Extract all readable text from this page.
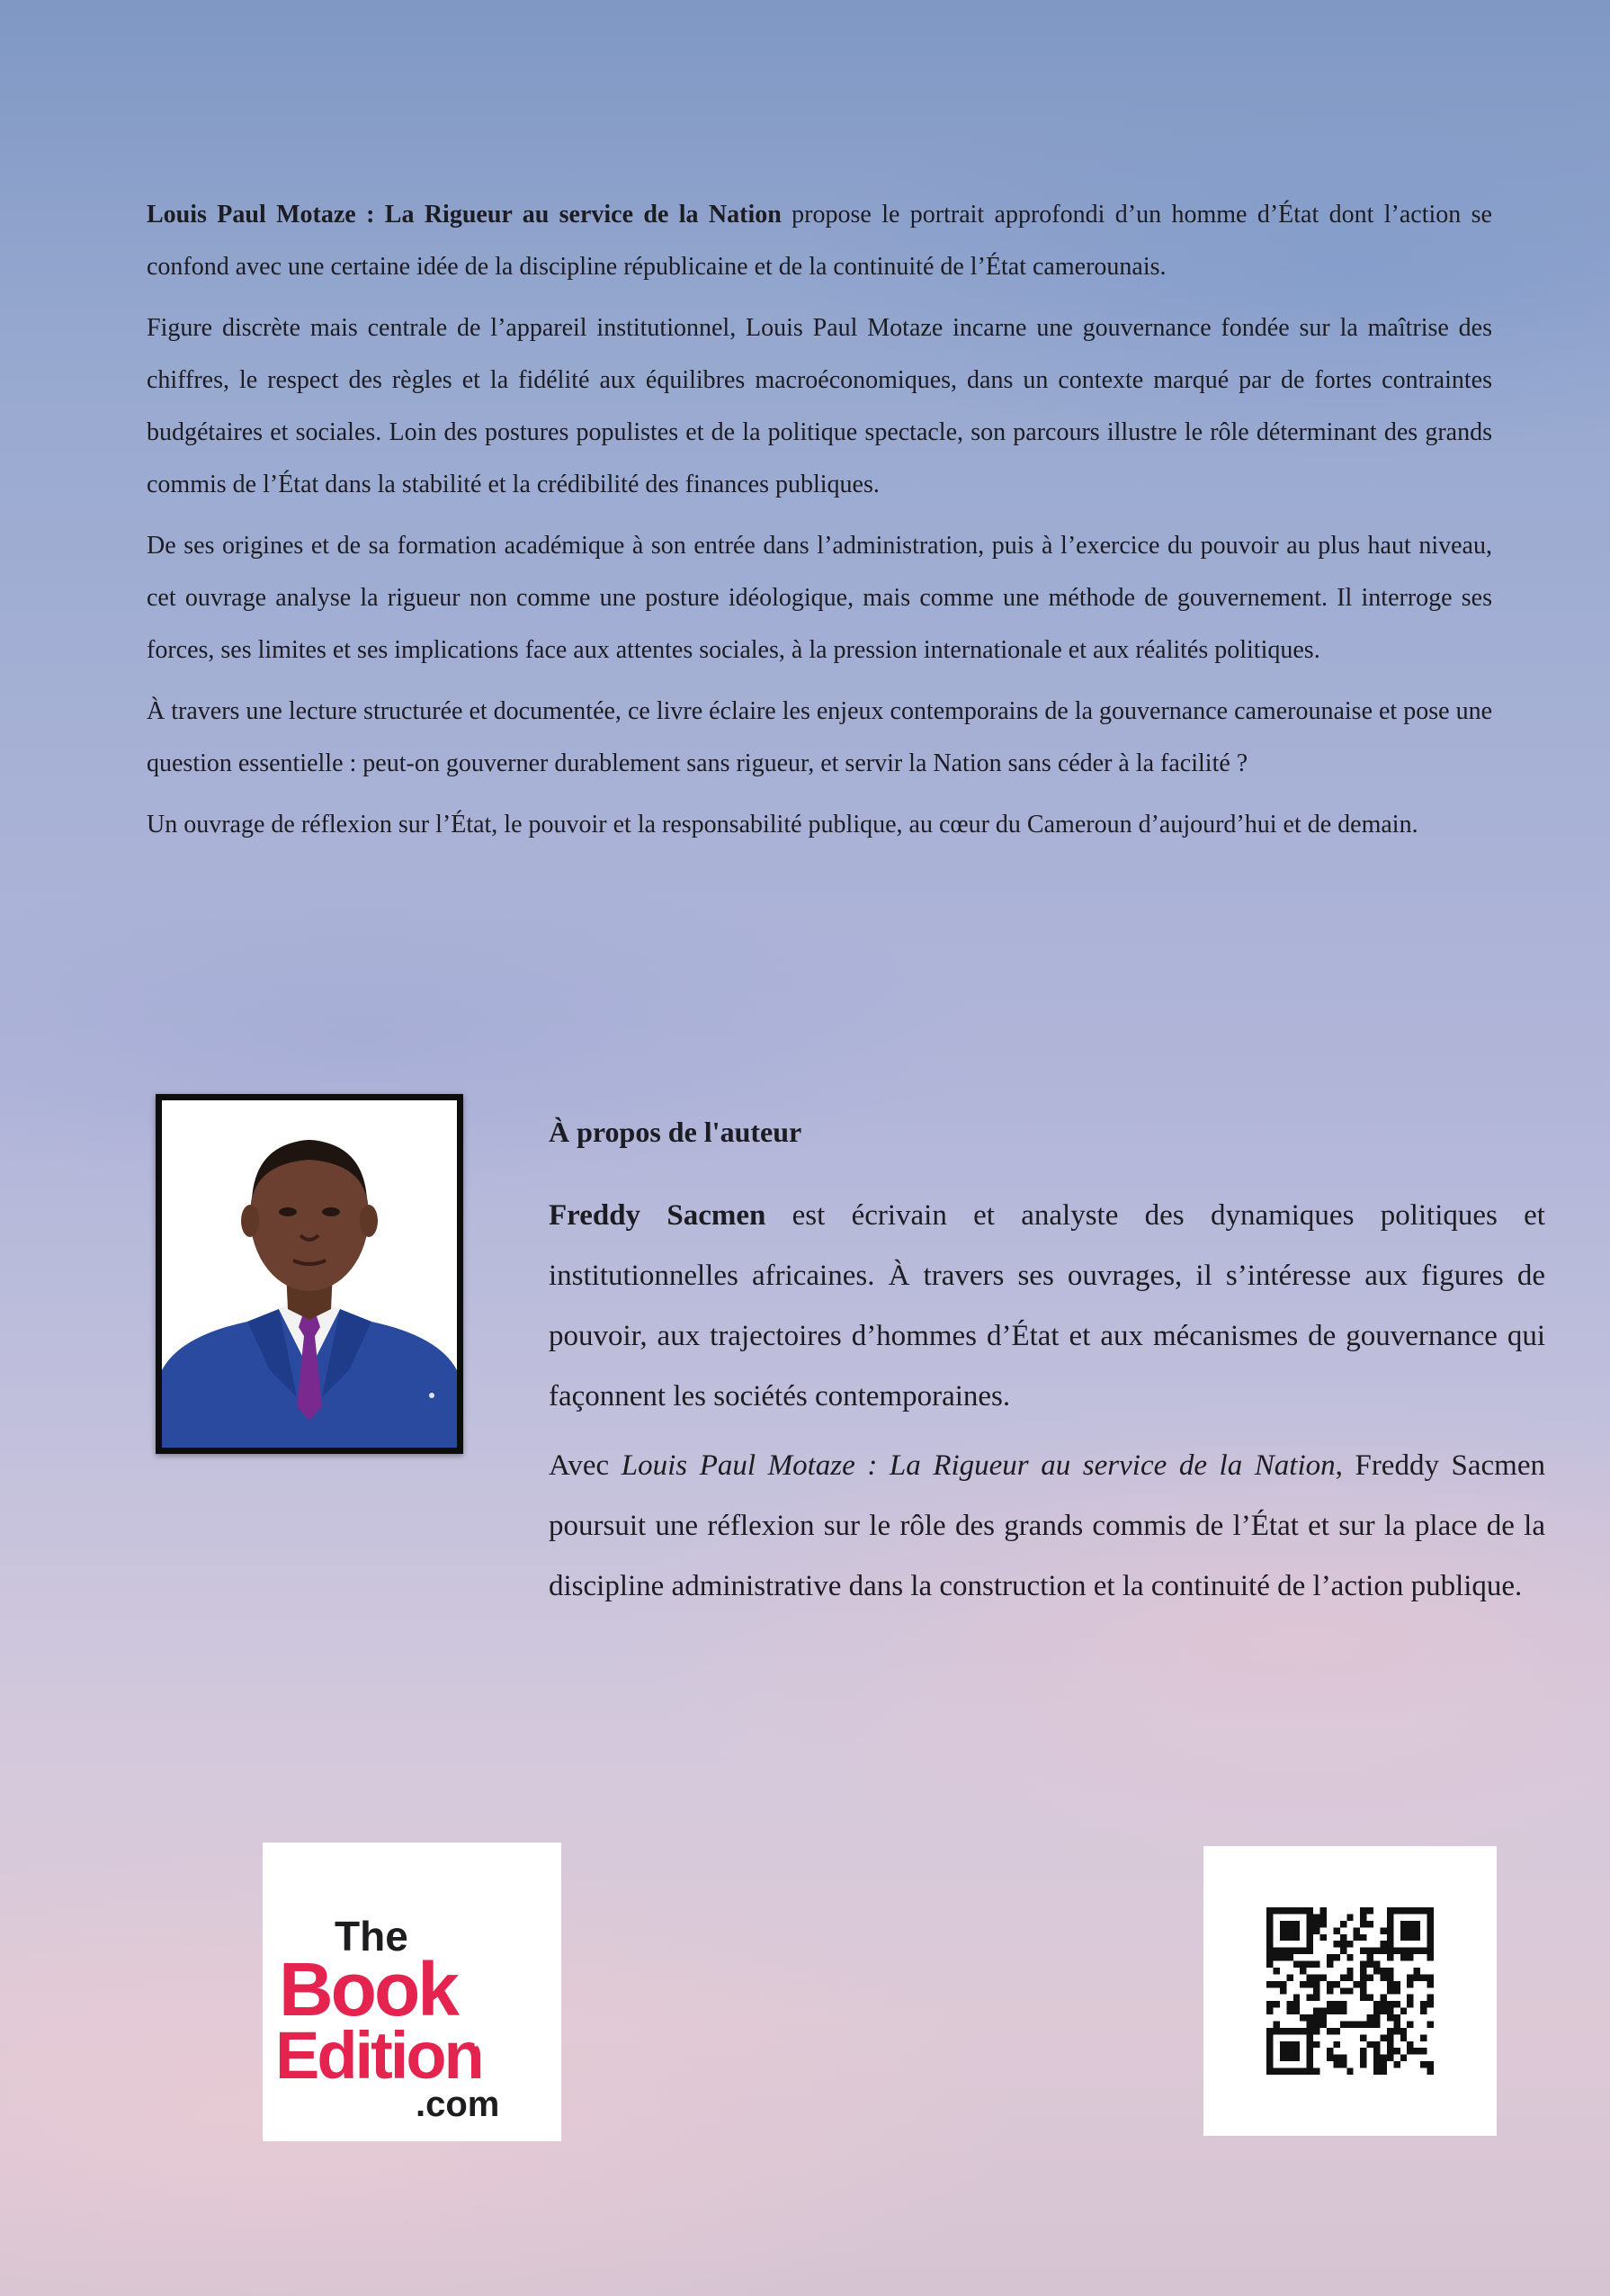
Louis Paul Motaze : La Rigueur au service de la Nation propose le portrait approfondi d’un homme d’État dont l’action se confond avec une certaine idée de la discipline républicaine et de la continuité de l’État camerounais.

Figure discrète mais centrale de l’appareil institutionnel, Louis Paul Motaze incarne une gouvernance fondée sur la maîtrise des chiffres, le respect des règles et la fidélité aux équilibres macroéconomiques, dans un contexte marqué par de fortes contraintes budgétaires et sociales. Loin des postures populistes et de la politique spectacle, son parcours illustre le rôle déterminant des grands commis de l’État dans la stabilité et la crédibilité des finances publiques.

De ses origines et de sa formation académique à son entrée dans l’administration, puis à l’exercice du pouvoir au plus haut niveau, cet ouvrage analyse la rigueur non comme une posture idéologique, mais comme une méthode de gouvernement. Il interroge ses forces, ses limites et ses implications face aux attentes sociales, à la pression internationale et aux réalités politiques.

À travers une lecture structurée et documentée, ce livre éclaire les enjeux contemporains de la gouvernance camerounaise et pose une question essentielle : peut-on gouverner durablement sans rigueur, et servir la Nation sans céder à la facilité ?

Un ouvrage de réflexion sur l’État, le pouvoir et la responsabilité publique, au cœur du Cameroun d’aujourd’hui et de demain.

À propos de l'auteur

Freddy Sacmen est écrivain et analyste des dynamiques politiques et institutionnelles africaines. À travers ses ouvrages, il s’intéresse aux figures de pouvoir, aux trajectoires d’hommes d’État et aux mécanismes de gouvernance qui façonnent les sociétés contemporaines.

Avec Louis Paul Motaze : La Rigueur au service de la Nation, Freddy Sacmen poursuit une réflexion sur le rôle des grands commis de l’État et sur la place de la discipline administrative dans la construction et la continuité de l’action publique.

The
Book
Edition
.com
